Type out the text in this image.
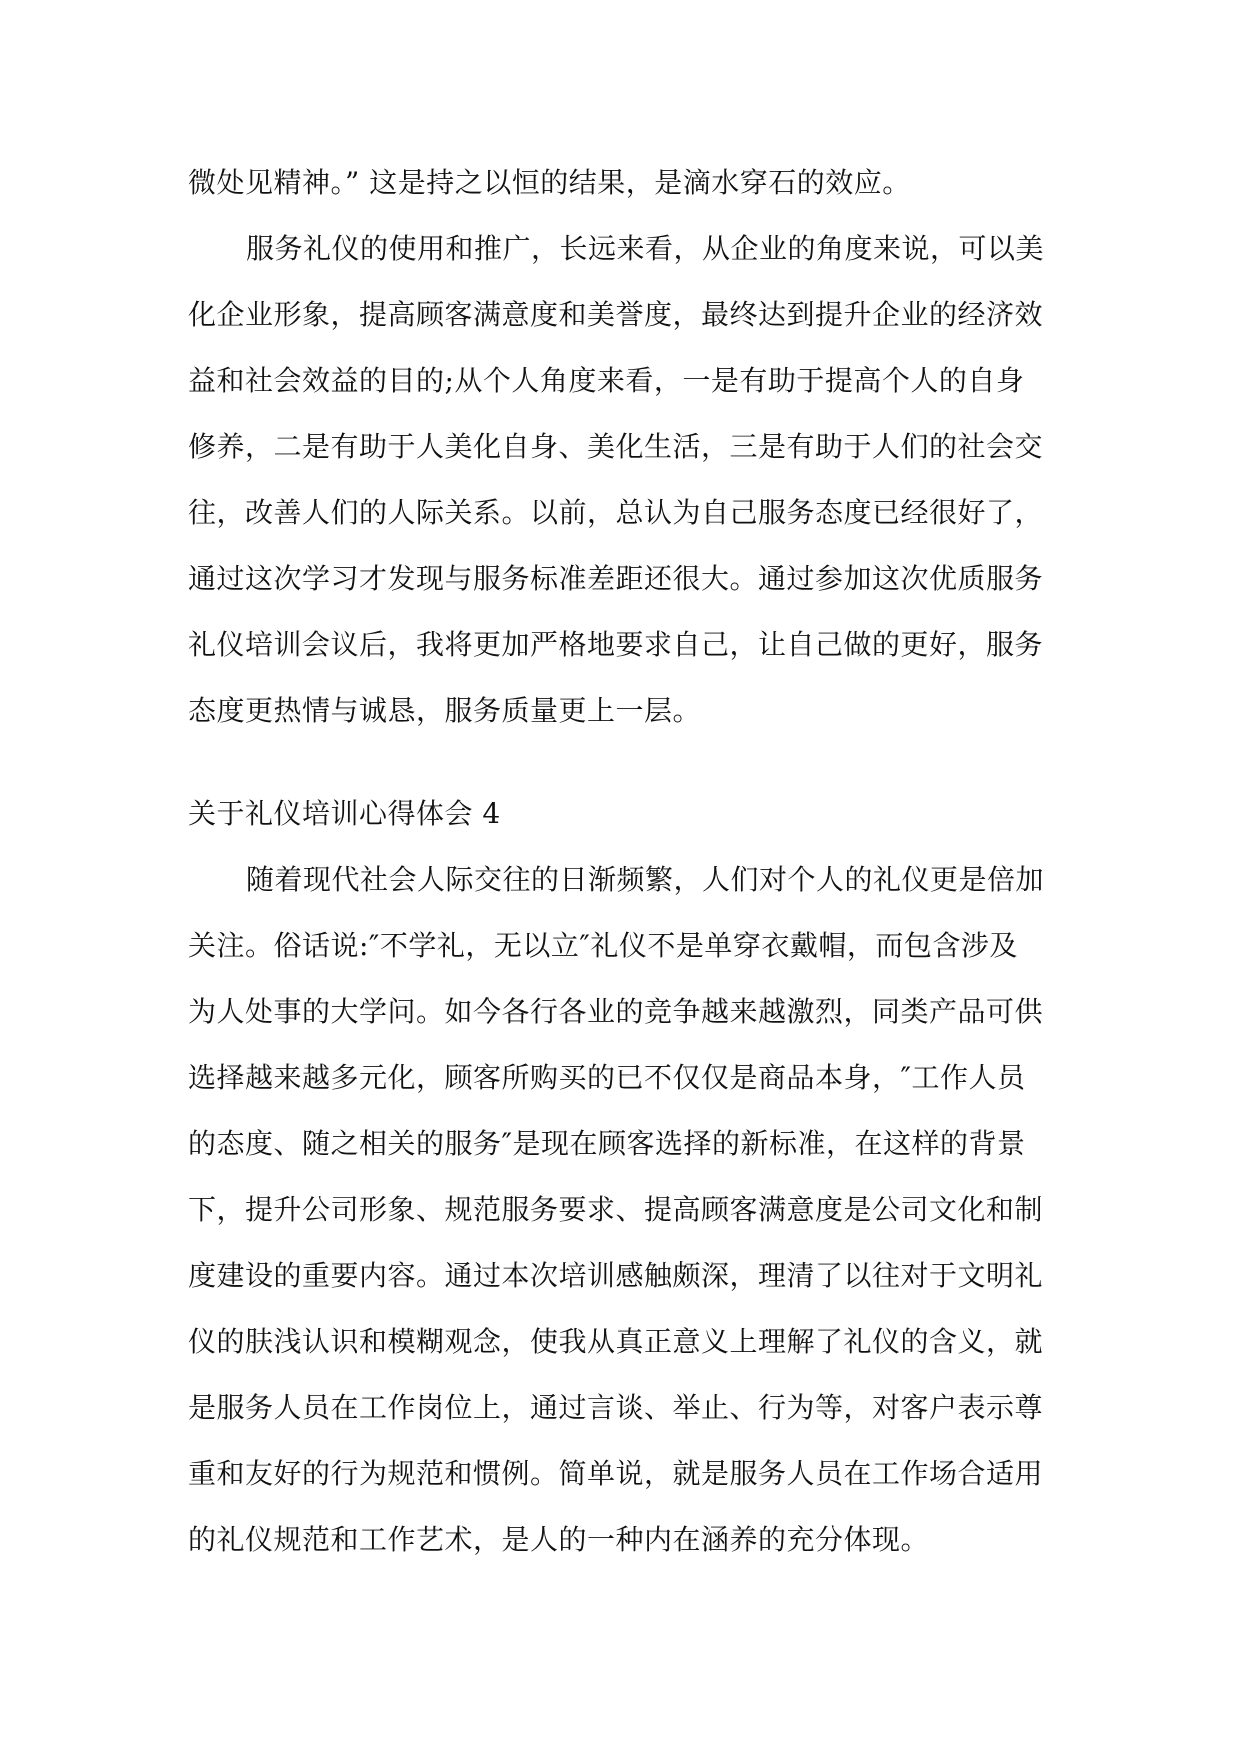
微处见精神。” 这是持之以恒的结果，是滴水穿石的效应。
服务礼仪的使用和推广，长远来看，从企业的角度来说，可以美
化企业形象，提高顾客满意度和美誉度，最终达到提升企业的经济效
益和社会效益的目的;从个人角度来看，一是有助于提高个人的自身
修养，二是有助于人美化自身、美化生活，三是有助于人们的社会交
往，改善人们的人际关系。以前，总认为自己服务态度已经很好了，
通过这次学习才发现与服务标准差距还很大。通过参加这次优质服务
礼仪培训会议后，我将更加严格地要求自己，让自己做的更好，服务
态度更热情与诚恳，服务质量更上一层。
关于礼仪培训心得体会 4
随着现代社会人际交往的日渐频繁，人们对个人的礼仪更是倍加
关注。俗话说:″不学礼，无以立″礼仪不是单穿衣戴帽，而包含涉及
为人处事的大学问。如今各行各业的竞争越来越激烈，同类产品可供
选择越来越多元化，顾客所购买的已不仅仅是商品本身，″工作人员
的态度、随之相关的服务″是现在顾客选择的新标准，在这样的背景
下，提升公司形象、规范服务要求、提高顾客满意度是公司文化和制
度建设的重要内容。通过本次培训感触颇深，理清了以往对于文明礼
仪的肤浅认识和模糊观念，使我从真正意义上理解了礼仪的含义，就
是服务人员在工作岗位上，通过言谈、举止、行为等，对客户表示尊
重和友好的行为规范和惯例。简单说，就是服务人员在工作场合适用
的礼仪规范和工作艺术，是人的一种内在涵养的充分体现。
